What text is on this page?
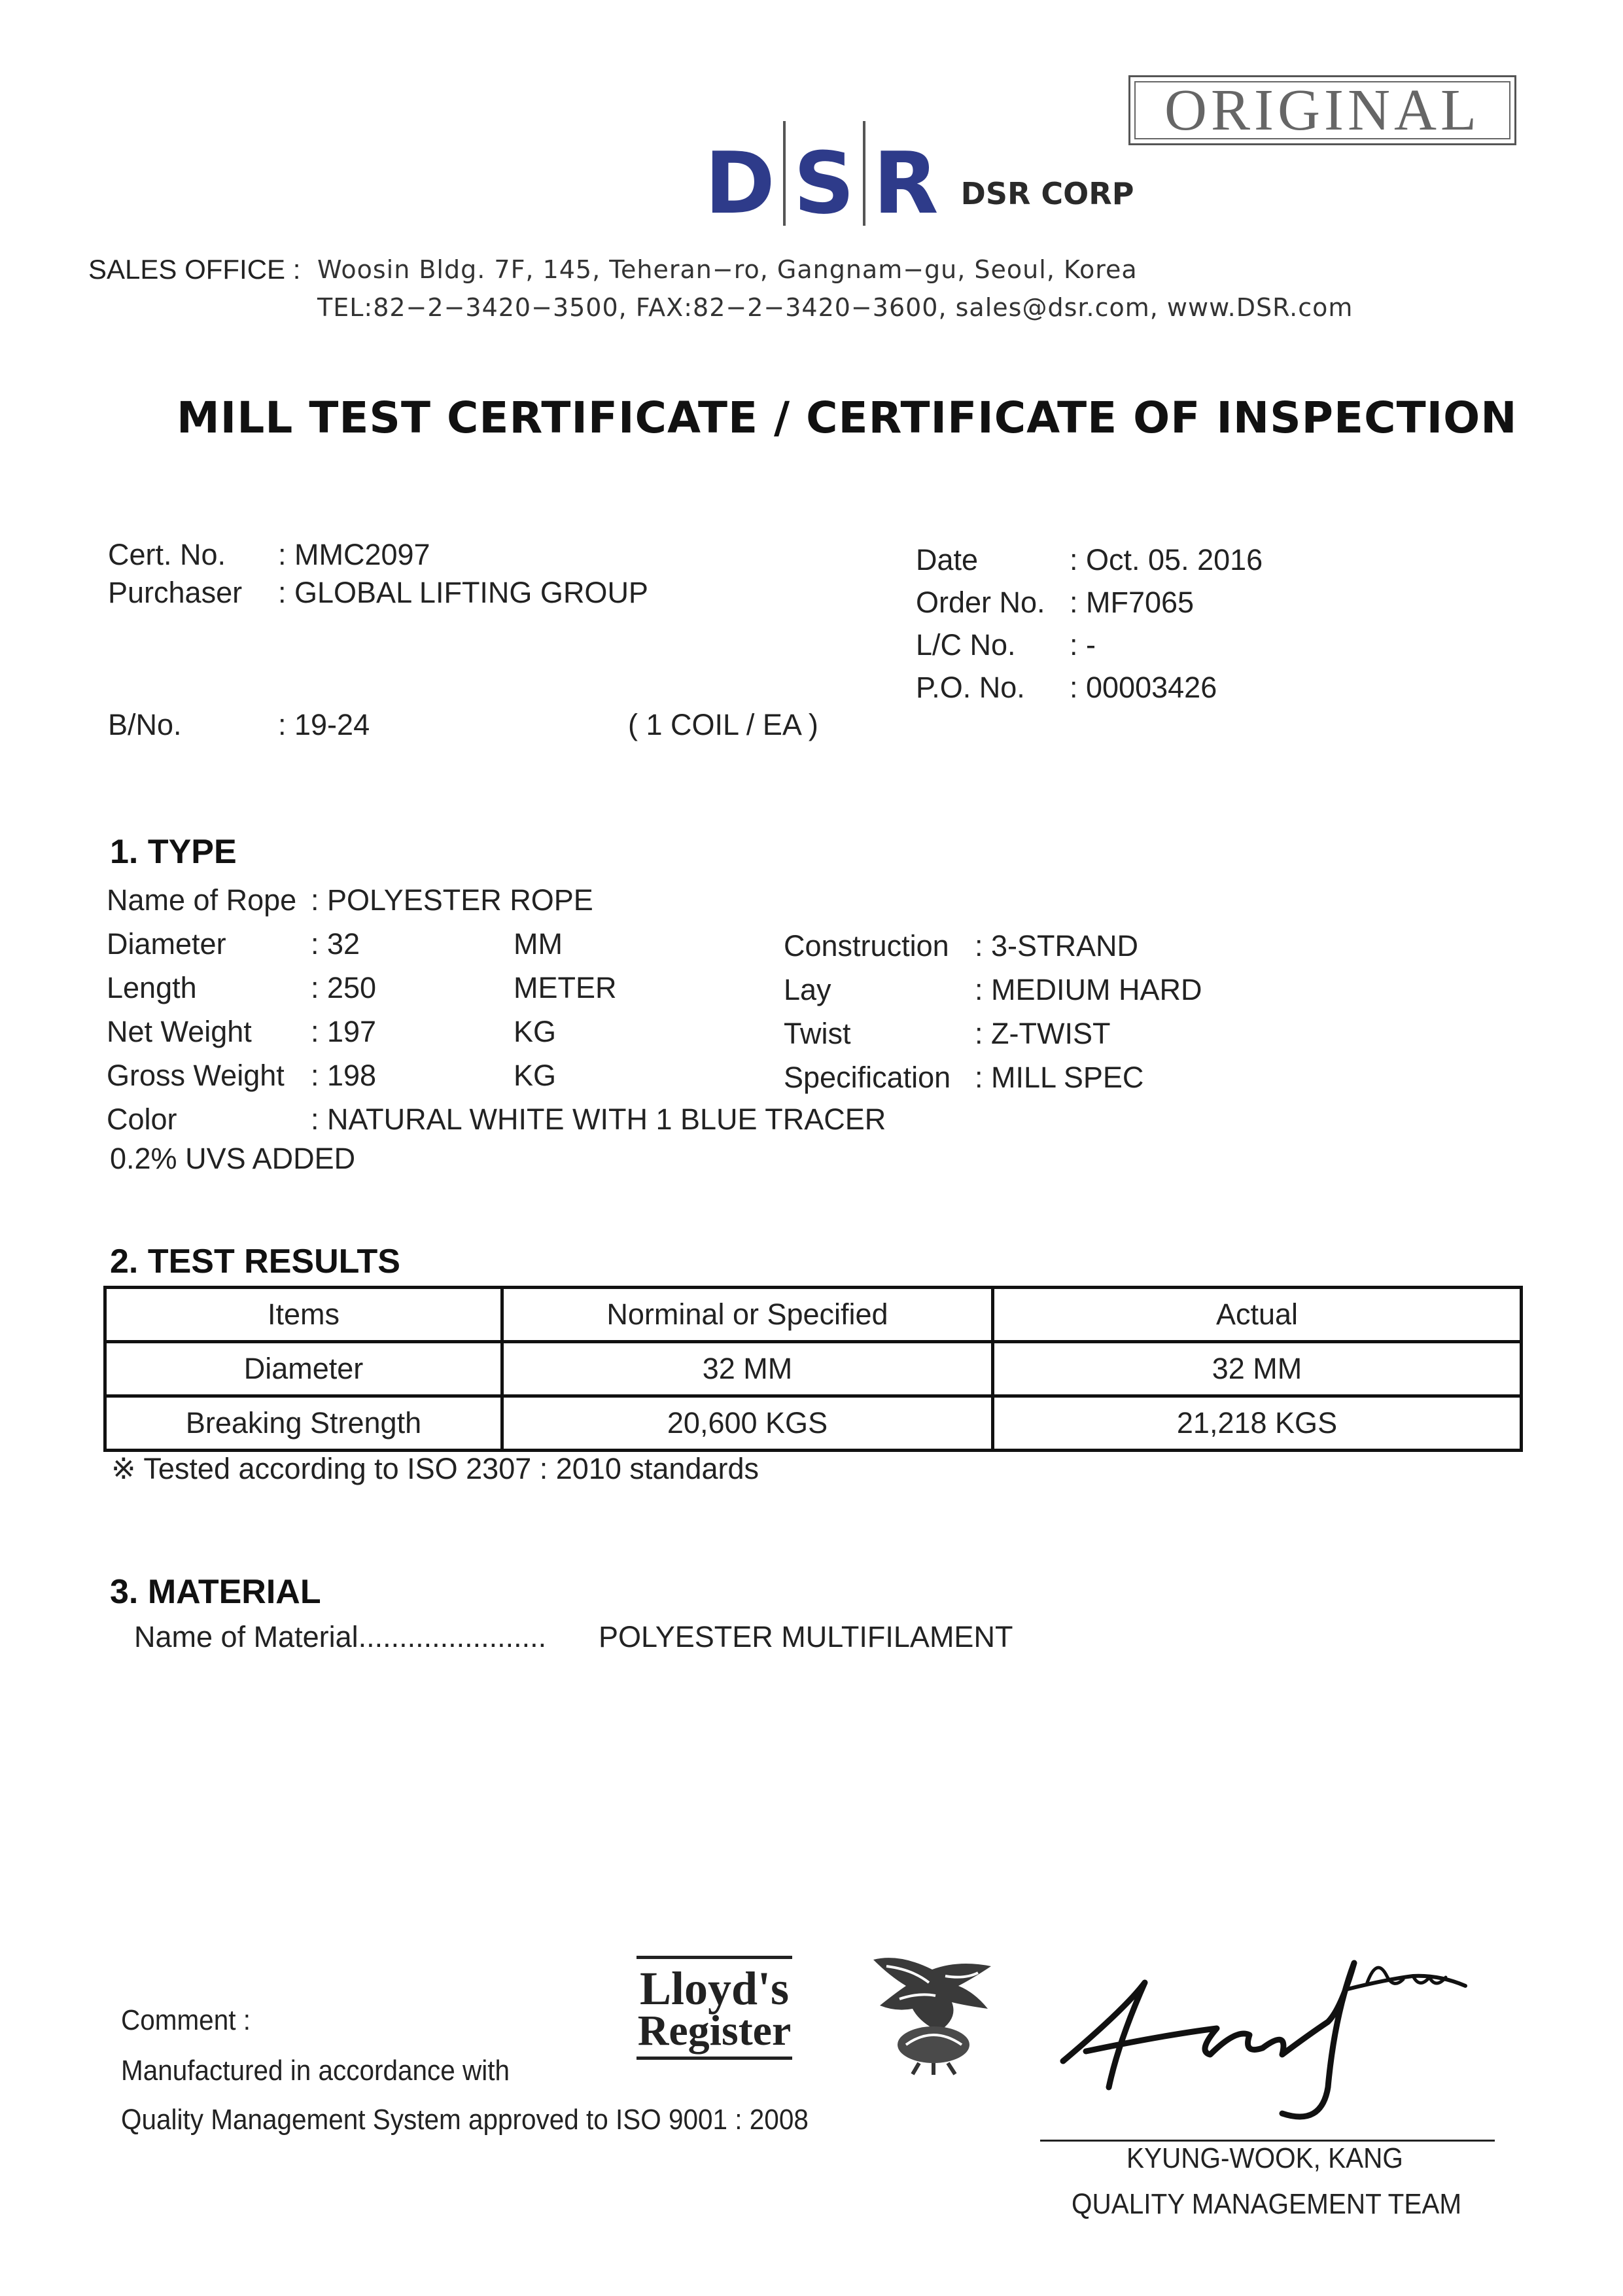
ORIGINAL
D S R DSR CORP
SALES OFFICE : Woosin Bldg. 7F, 145, Teheran−ro, Gangnam−gu, Seoul, Korea
TEL:82−2−3420−3500, FAX:82−2−3420−3600, sales@dsr.com, www.DSR.com
MILL TEST CERTIFICATE / CERTIFICATE OF INSPECTION
Cert. No. : MMC2097
Purchaser : GLOBAL LIFTING GROUP
Date	: Oct. 05. 2016
Order No. : MF7065
L/C No. : -
P.O. No. : 00003426
B/No.	: 19-24	( 1 COIL / EA )
1. TYPE
Name of Rope : POLYESTER ROPE
Diameter	: 32	MM	Construction : 3-STRAND
Length	: 250	METER	Lay	: MEDIUM HARD
Net Weight : 197	KG	Twist	: Z-TWIST
Gross Weight : 198	KG	Specification : MILL SPEC
Color	: NATURAL WHITE WITH 1 BLUE TRACER
0.2% UVS ADDED
2. TEST RESULTS
Items	Norminal or Specified	Actual
Diameter	32 MM	32 MM
Breaking Strength	20,600 KGS	21,218 KGS
※ Tested according to ISO 2307 : 2010 standards
3. MATERIAL
Name of Material....................... POLYESTER MULTIFILAMENT
Comment :
Manufactured in accordance with
Quality Management System approved to ISO 9001 : 2008
Lloyd's
Register
KYUNG-WOOK, KANG
QUALITY MANAGEMENT TEAM
